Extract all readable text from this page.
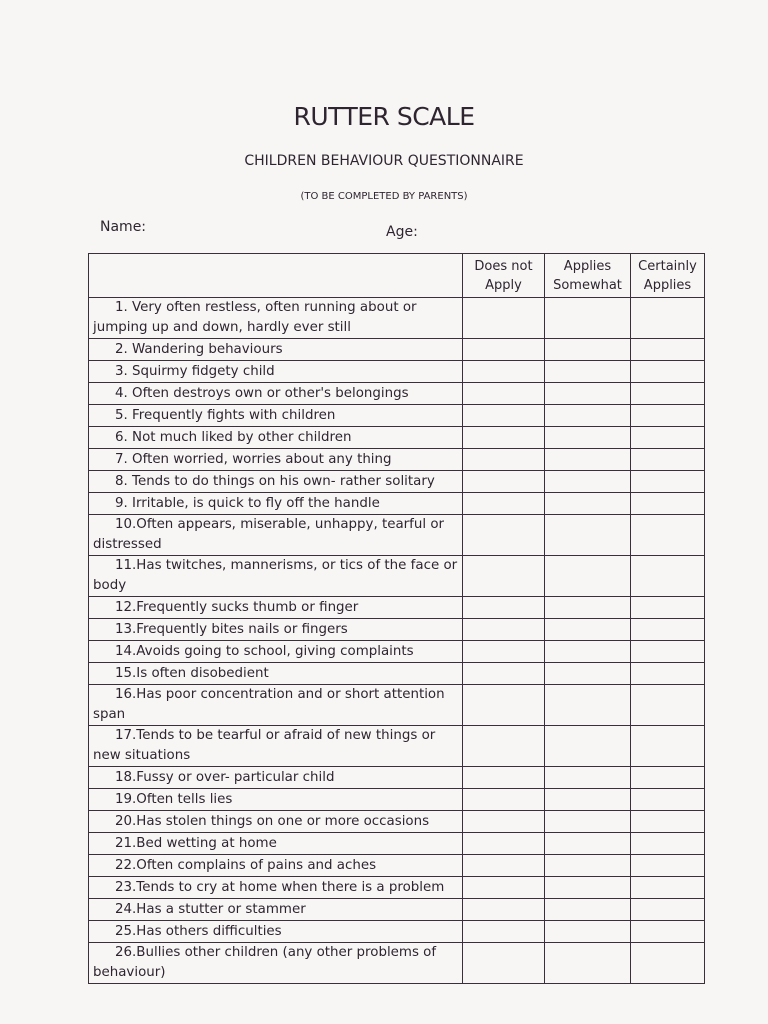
RUTTER SCALE
CHILDREN BEHAVIOUR QUESTIONNAIRE
(TO BE COMPLETED BY PARENTS)
Name:	Age:
	Does not Apply	Applies Somewhat	Certainly Applies
1. Very often restless, often running about or jumping up and down, hardly ever still			
2. Wandering behaviours			
3. Squirmy fidgety child			
4. Often destroys own or other's belongings			
5. Frequently fights with children			
6. Not much liked by other children			
7. Often worried, worries about any thing			
8. Tends to do things on his own- rather solitary			
9. Irritable, is quick to fly off the handle			
10.Often appears, miserable, unhappy, tearful or distressed			
11.Has twitches, mannerisms, or tics of the face or body			
12.Frequently sucks thumb or finger			
13.Frequently bites nails or fingers			
14.Avoids going to school, giving complaints			
15.Is often disobedient			
16.Has poor concentration and or short attention span			
17.Tends to be tearful or afraid of new things or new situations			
18.Fussy or over- particular child			
19.Often tells lies			
20.Has stolen things on one or more occasions			
21.Bed wetting at home			
22.Often complains of pains and aches			
23.Tends to cry at home when there is a problem			
24.Has a stutter or stammer			
25.Has others difficulties			
26.Bullies other children (any other problems of behaviour)			
